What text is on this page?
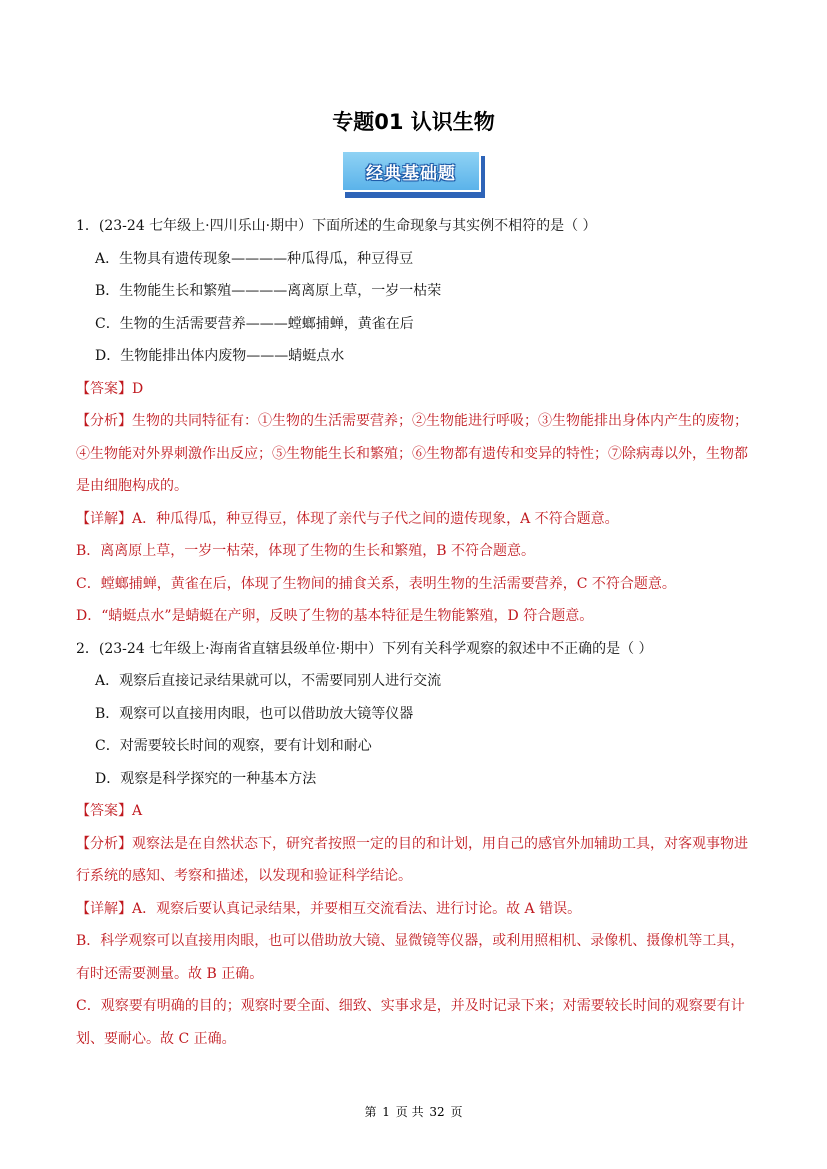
专题01 认识生物
经典基础题
1．(23-24 七年级上·四川乐山·期中）下面所述的生命现象与其实例不相符的是（ ）
A．生物具有遗传现象————种瓜得瓜，种豆得豆
B．生物能生长和繁殖————离离原上草，一岁一枯荣
C．生物的生活需要营养———螳螂捕蝉，黄雀在后
D．生物能排出体内废物———蜻蜓点水
【答案】D
【分析】生物的共同特征有：①生物的生活需要营养；②生物能进行呼吸；③生物能排出身体内产生的废物；④生物能对外界刺激作出反应；⑤生物能生长和繁殖；⑥生物都有遗传和变异的特性；⑦除病毒以外，生物都是由细胞构成的。
【详解】A．种瓜得瓜，种豆得豆，体现了亲代与子代之间的遗传现象，A 不符合题意。
B．离离原上草，一岁一枯荣，体现了生物的生长和繁殖，B 不符合题意。
C．螳螂捕蝉，黄雀在后，体现了生物间的捕食关系，表明生物的生活需要营养，C 不符合题意。
D．“蜻蜓点水”是蜻蜓在产卵，反映了生物的基本特征是生物能繁殖，D 符合题意。
2．(23-24 七年级上·海南省直辖县级单位·期中）下列有关科学观察的叙述中不正确的是（ ）
A．观察后直接记录结果就可以，不需要同别人进行交流
B．观察可以直接用肉眼，也可以借助放大镜等仪器
C．对需要较长时间的观察，要有计划和耐心
D．观察是科学探究的一种基本方法
【答案】A
【分析】观察法是在自然状态下，研究者按照一定的目的和计划，用自己的感官外加辅助工具，对客观事物进行系统的感知、考察和描述，以发现和验证科学结论。
【详解】A．观察后要认真记录结果，并要相互交流看法、进行讨论。故 A 错误。
B．科学观察可以直接用肉眼，也可以借助放大镜、显微镜等仪器，或利用照相机、录像机、摄像机等工具，有时还需要测量。故 B 正确。
C．观察要有明确的目的；观察时要全面、细致、实事求是，并及时记录下来；对需要较长时间的观察要有计划、要耐心。故 C 正确。
第 1 页 共 32 页
